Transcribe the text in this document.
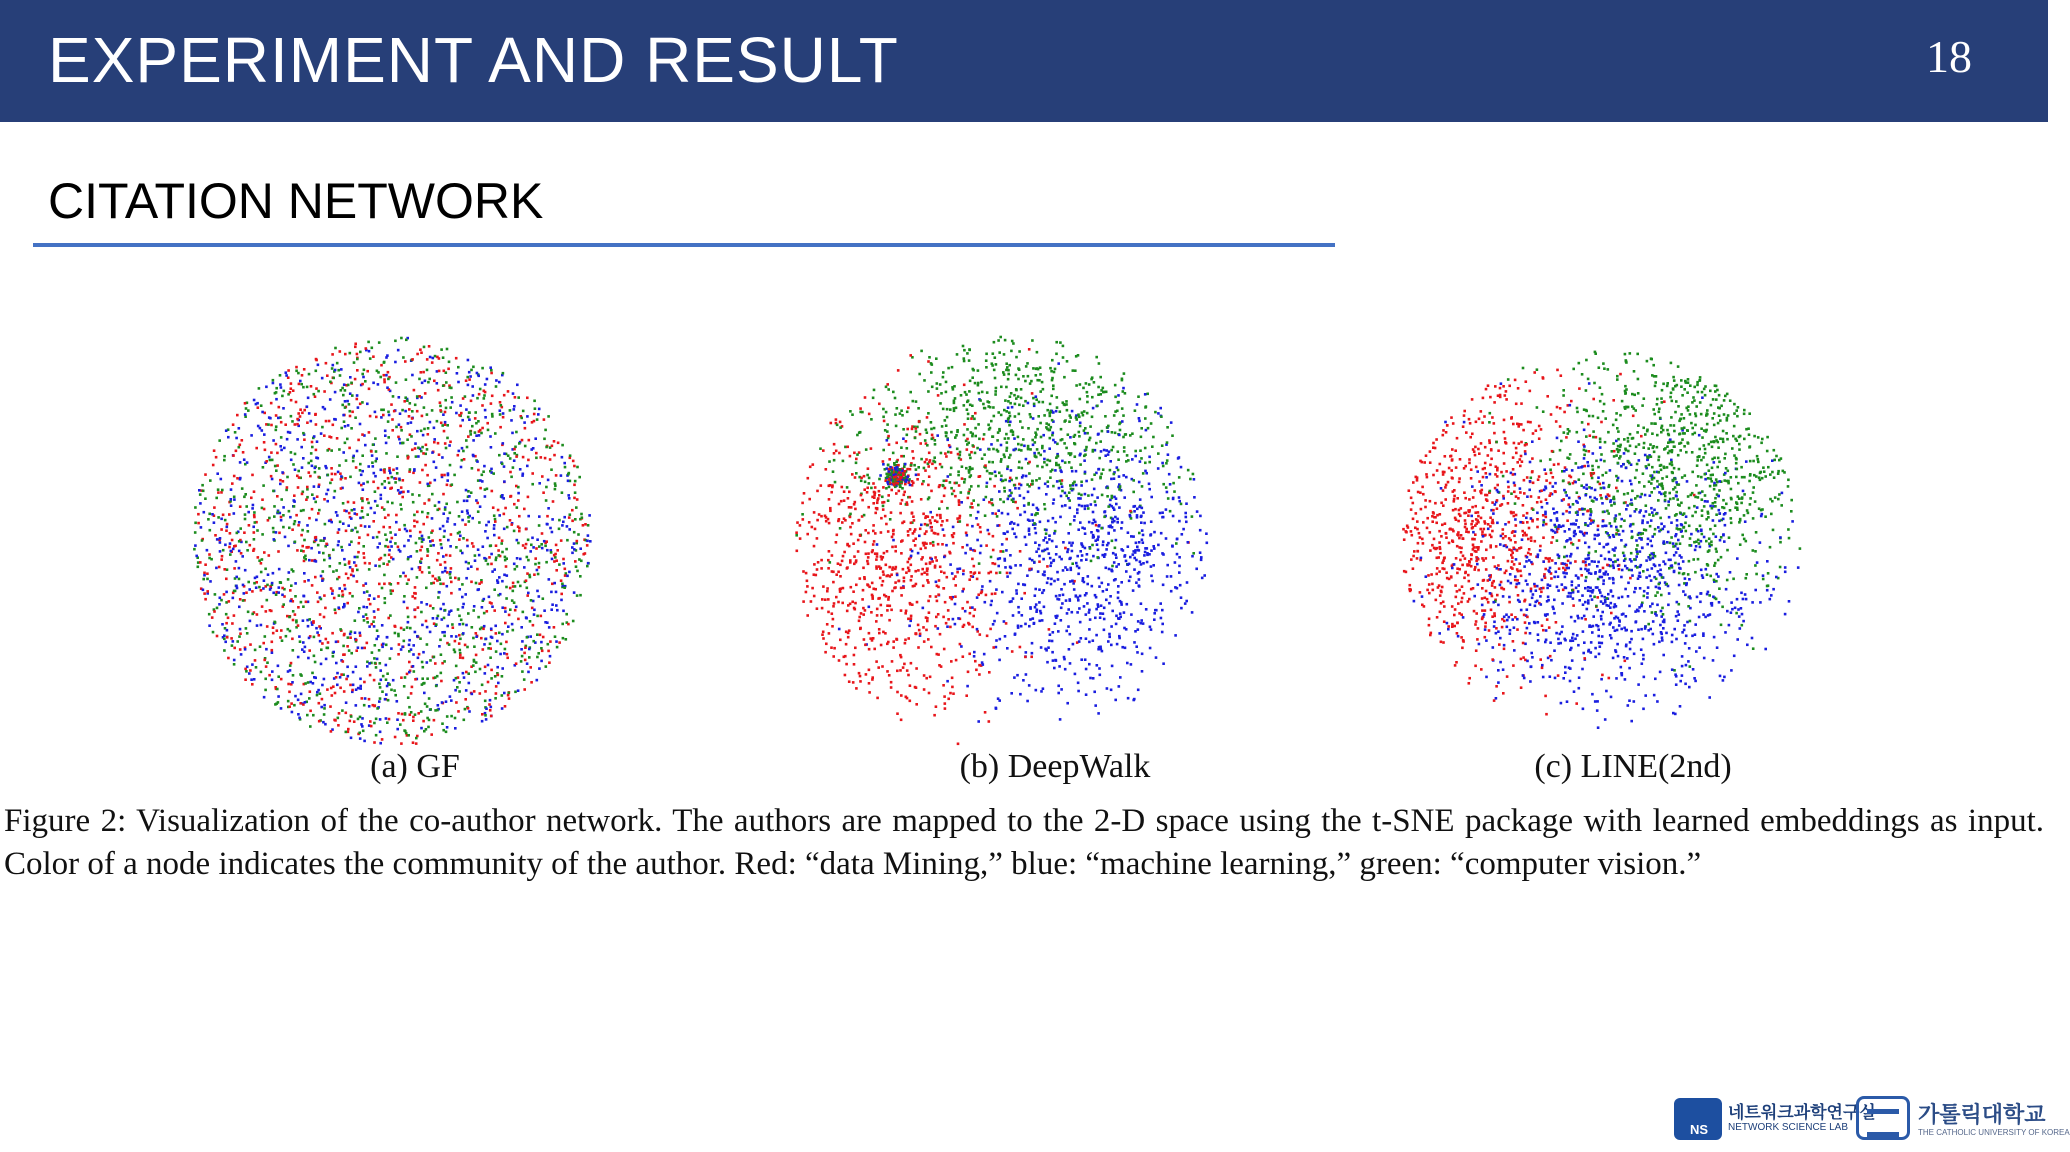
EXPERIMENT AND RESULT	18
CITATION NETWORK
(a) GF	(b) DeepWalk	(c) LINE(2nd)
Figure 2: Visualization of the co-author network. The authors are mapped to the 2-D space using the t-SNE package with learned embeddings as input. Color of a node indicates the community of the author. Red: “data Mining,” blue: “machine learning,” green: “computer vision.”
NS
네트워크과학연구실
NETWORK SCIENCE LAB
가톨릭대학교
THE CATHOLIC UNIVERSITY OF KOREA
